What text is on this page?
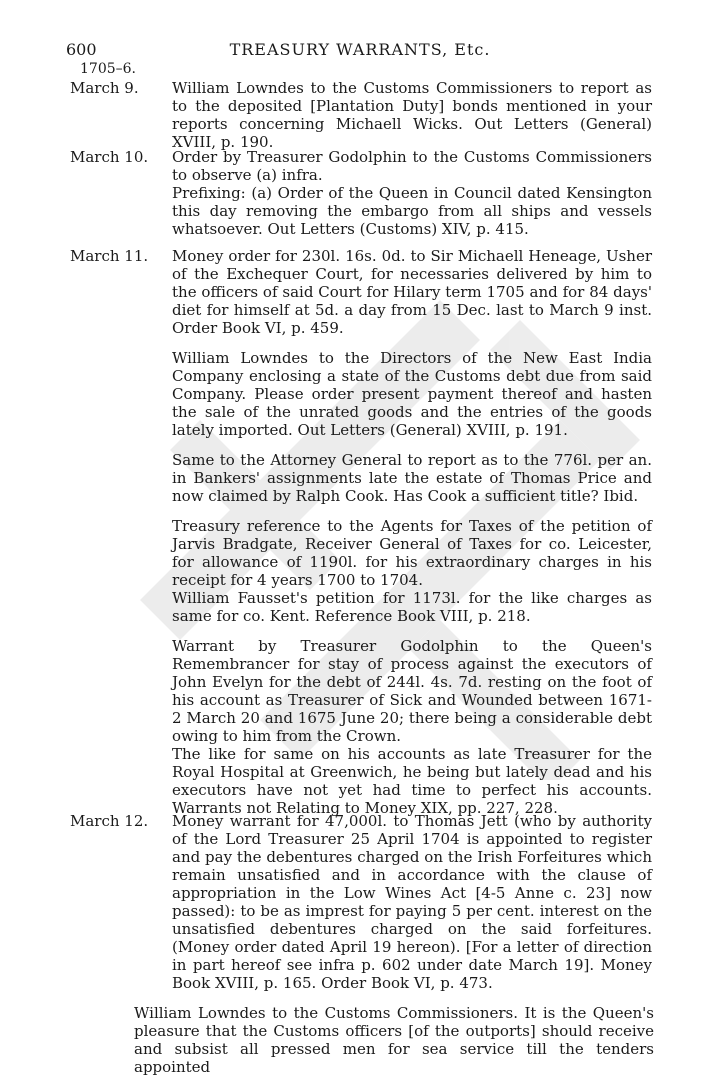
600	TREASURY WARRANTS, Etc.
1705–6.
March 9.	William Lowndes to the Customs Commissioners to report as to the deposited [Plantation Duty] bonds mentioned in your reports concerning Michaell Wicks. Out Letters (General) XVIII, p. 190.

March 10.	Order by Treasurer Godolphin to the Customs Commissioners to observe (a) infra.

Prefixing: (a) Order of the Queen in Council dated Kensington this day removing the embargo from all ships and vessels whatsoever. Out Letters (Customs) XIV, p. 415.

March 11.	Money order for 230l. 16s. 0d. to Sir Michaell Heneage, Usher of the Exchequer Court, for necessaries delivered by him to the officers of said Court for Hilary term 1705 and for 84 days' diet for himself at 5d. a day from 15 Dec. last to March 9 inst. Order Book VI, p. 459.

William Lowndes to the Directors of the New East India Company enclosing a state of the Customs debt due from said Company. Please order present payment thereof and hasten the sale of the unrated goods and the entries of the goods lately imported. Out Letters (General) XVIII, p. 191.

Same to the Attorney General to report as to the 776l. per an. in Bankers' assignments late the estate of Thomas Price and now claimed by Ralph Cook. Has Cook a sufficient title? Ibid.

Treasury reference to the Agents for Taxes of the petition of Jarvis Bradgate, Receiver General of Taxes for co. Leicester, for allowance of 1190l. for his extraordinary charges in his receipt for 4 years 1700 to 1704.

William Fausset's petition for 1173l. for the like charges as same for co. Kent. Reference Book VIII, p. 218.

Warrant by Treasurer Godolphin to the Queen's Remembrancer for stay of process against the executors of John Evelyn for the debt of 244l. 4s. 7d. resting on the foot of his account as Treasurer of Sick and Wounded between 1671-2 March 20 and 1675 June 20; there being a considerable debt owing to him from the Crown.

The like for same on his accounts as late Treasurer for the Royal Hospital at Greenwich, he being but lately dead and his executors have not yet had time to perfect his accounts. Warrants not Relating to Money XIX, pp. 227, 228.

March 12.	Money warrant for 47,000l. to Thomas Jett (who by authority of the Lord Treasurer 25 April 1704 is appointed to register and pay the debentures charged on the Irish Forfeitures which remain unsatisfied and in accordance with the clause of appropriation in the Low Wines Act [4-5 Anne c. 23] now passed): to be as imprest for paying 5 per cent. interest on the unsatisfied debentures charged on the said forfeitures. (Money order dated April 19 hereon). [For a letter of direction in part hereof see infra p. 602 under date March 19]. Money Book XVIII, p. 165. Order Book VI, p. 473.

William Lowndes to the Customs Commissioners. It is the Queen's pleasure that the Customs officers [of the outports] should receive and subsist all pressed men for sea service till the tenders appointed
